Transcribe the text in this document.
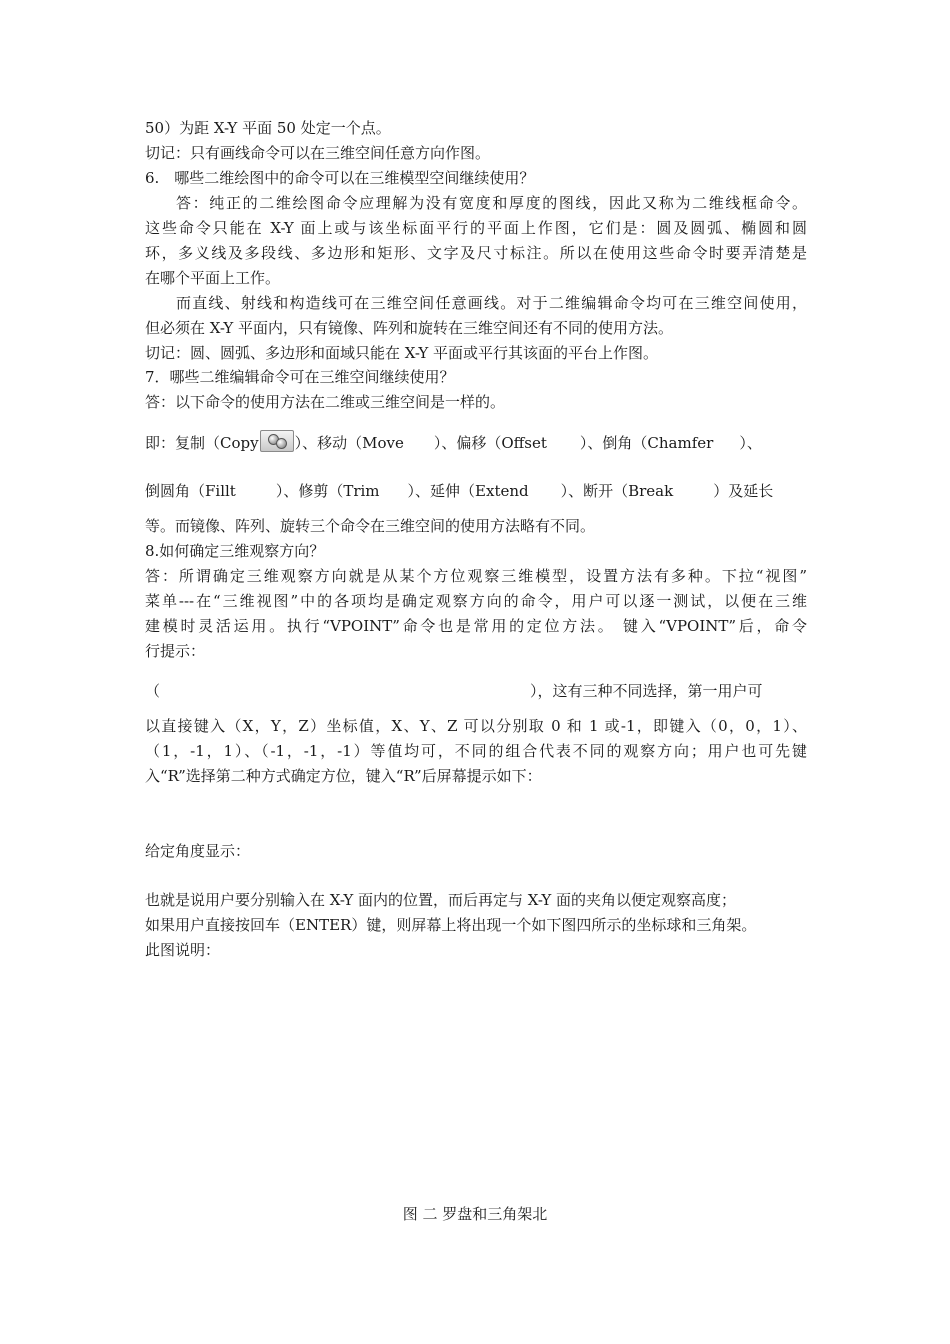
50）为距 X-Y 平面 50 处定一个点。
切记：只有画线命令可以在三维空间任意方向作图。
6.　哪些二维绘图中的命令可以在三维模型空间继续使用？
答：纯正的二维绘图命令应理解为没有宽度和厚度的图线，因此又称为二维线框命令。
这些命令只能在 X-Y 面上或与该坐标面平行的平面上作图，它们是：圆及圆弧、椭圆和圆
环，多义线及多段线、多边形和矩形、文字及尺寸标注。所以在使用这些命令时要弄清楚是
在哪个平面上工作。
而直线、射线和构造线可在三维空间任意画线。对于二维编辑命令均可在三维空间使用，
但必须在 X-Y 平面内，只有镜像、阵列和旋转在三维空间还有不同的使用方法。
切记：圆、圆弧、多边形和面域只能在 X-Y 平面或平行其该面的平台上作图。
7．哪些二维编辑命令可在三维空间继续使用？
答：以下命令的使用方法在二维或三维空间是一样的。
即：复制（Copy ）、移动（Move ）、偏移（Offset ）、倒角（Chamfer ）、
倒圆角（Fillt	）、修剪（Trim ）、延伸（Extend ）、断开（Break	）及延长
等。而镜像、阵列、旋转三个命令在三维空间的使用方法略有不同。
8.如何确定三维观察方向？
答：所谓确定三维观察方向就是从某个方位观察三维模型，设置方法有多种。下拉“视图”
菜单---在“三维视图”中的各项均是确定观察方向的命令，用户可以逐一测试，以便在三维
建模时灵活运用。执行“VPOINT”命令也是常用的定位方法。 键入“VPOINT”后，命令
行提示：
（	），这有三种不同选择，第一用户可
以直接键入（X，Y，Z）坐标值，X、Y、Z 可以分别取 0 和 1 或-1，即键入（0，0，1）、
（1，-1，1）、（-1，-1，-1）等值均可，不同的组合代表不同的观察方向；用户也可先键
入“R”选择第二种方式确定方位，键入“R”后屏幕提示如下：
给定角度显示：
也就是说用户要分别输入在 X-Y 面内的位置，而后再定与 X-Y 面的夹角以便定观察高度；
如果用户直接按回车（ENTER）键，则屏幕上将出现一个如下图四所示的坐标球和三角架。
此图说明：
图 二 罗盘和三角架北
